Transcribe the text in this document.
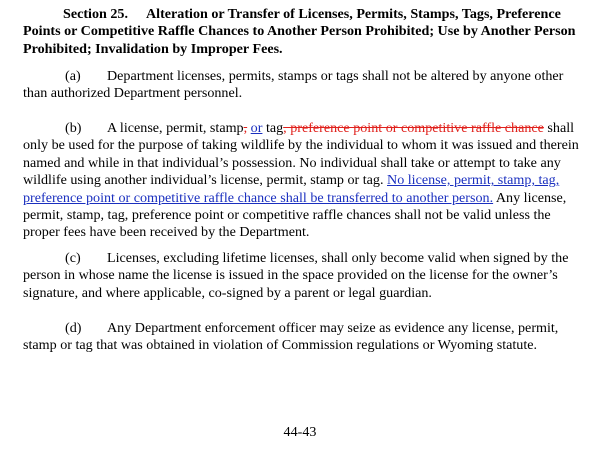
Section 25. Alteration or Transfer of Licenses, Permits, Stamps, Tags, Preference Points or Competitive Raffle Chances to Another Person Prohibited; Use by Another Person Prohibited; Invalidation by Improper Fees.

(a) Department licenses, permits, stamps or tags shall not be altered by anyone other than authorized Department personnel.

(b) A license, permit, stamp, or tag, preference point or competitive raffle chance shall only be used for the purpose of taking wildlife by the individual to whom it was issued and therein named and while in that individual’s possession. No individual shall take or attempt to take any wildlife using another individual’s license, permit, stamp or tag. No license, permit, stamp, tag, preference point or competitive raffle chance shall be transferred to another person. Any license, permit, stamp, tag, preference point or competitive raffle chances shall not be valid unless the proper fees have been received by the Department.

(c) Licenses, excluding lifetime licenses, shall only become valid when signed by the person in whose name the license is issued in the space provided on the license for the owner’s signature, and where applicable, co-signed by a parent or legal guardian.

(d) Any Department enforcement officer may seize as evidence any license, permit, stamp or tag that was obtained in violation of Commission regulations or Wyoming statute.

44-43
